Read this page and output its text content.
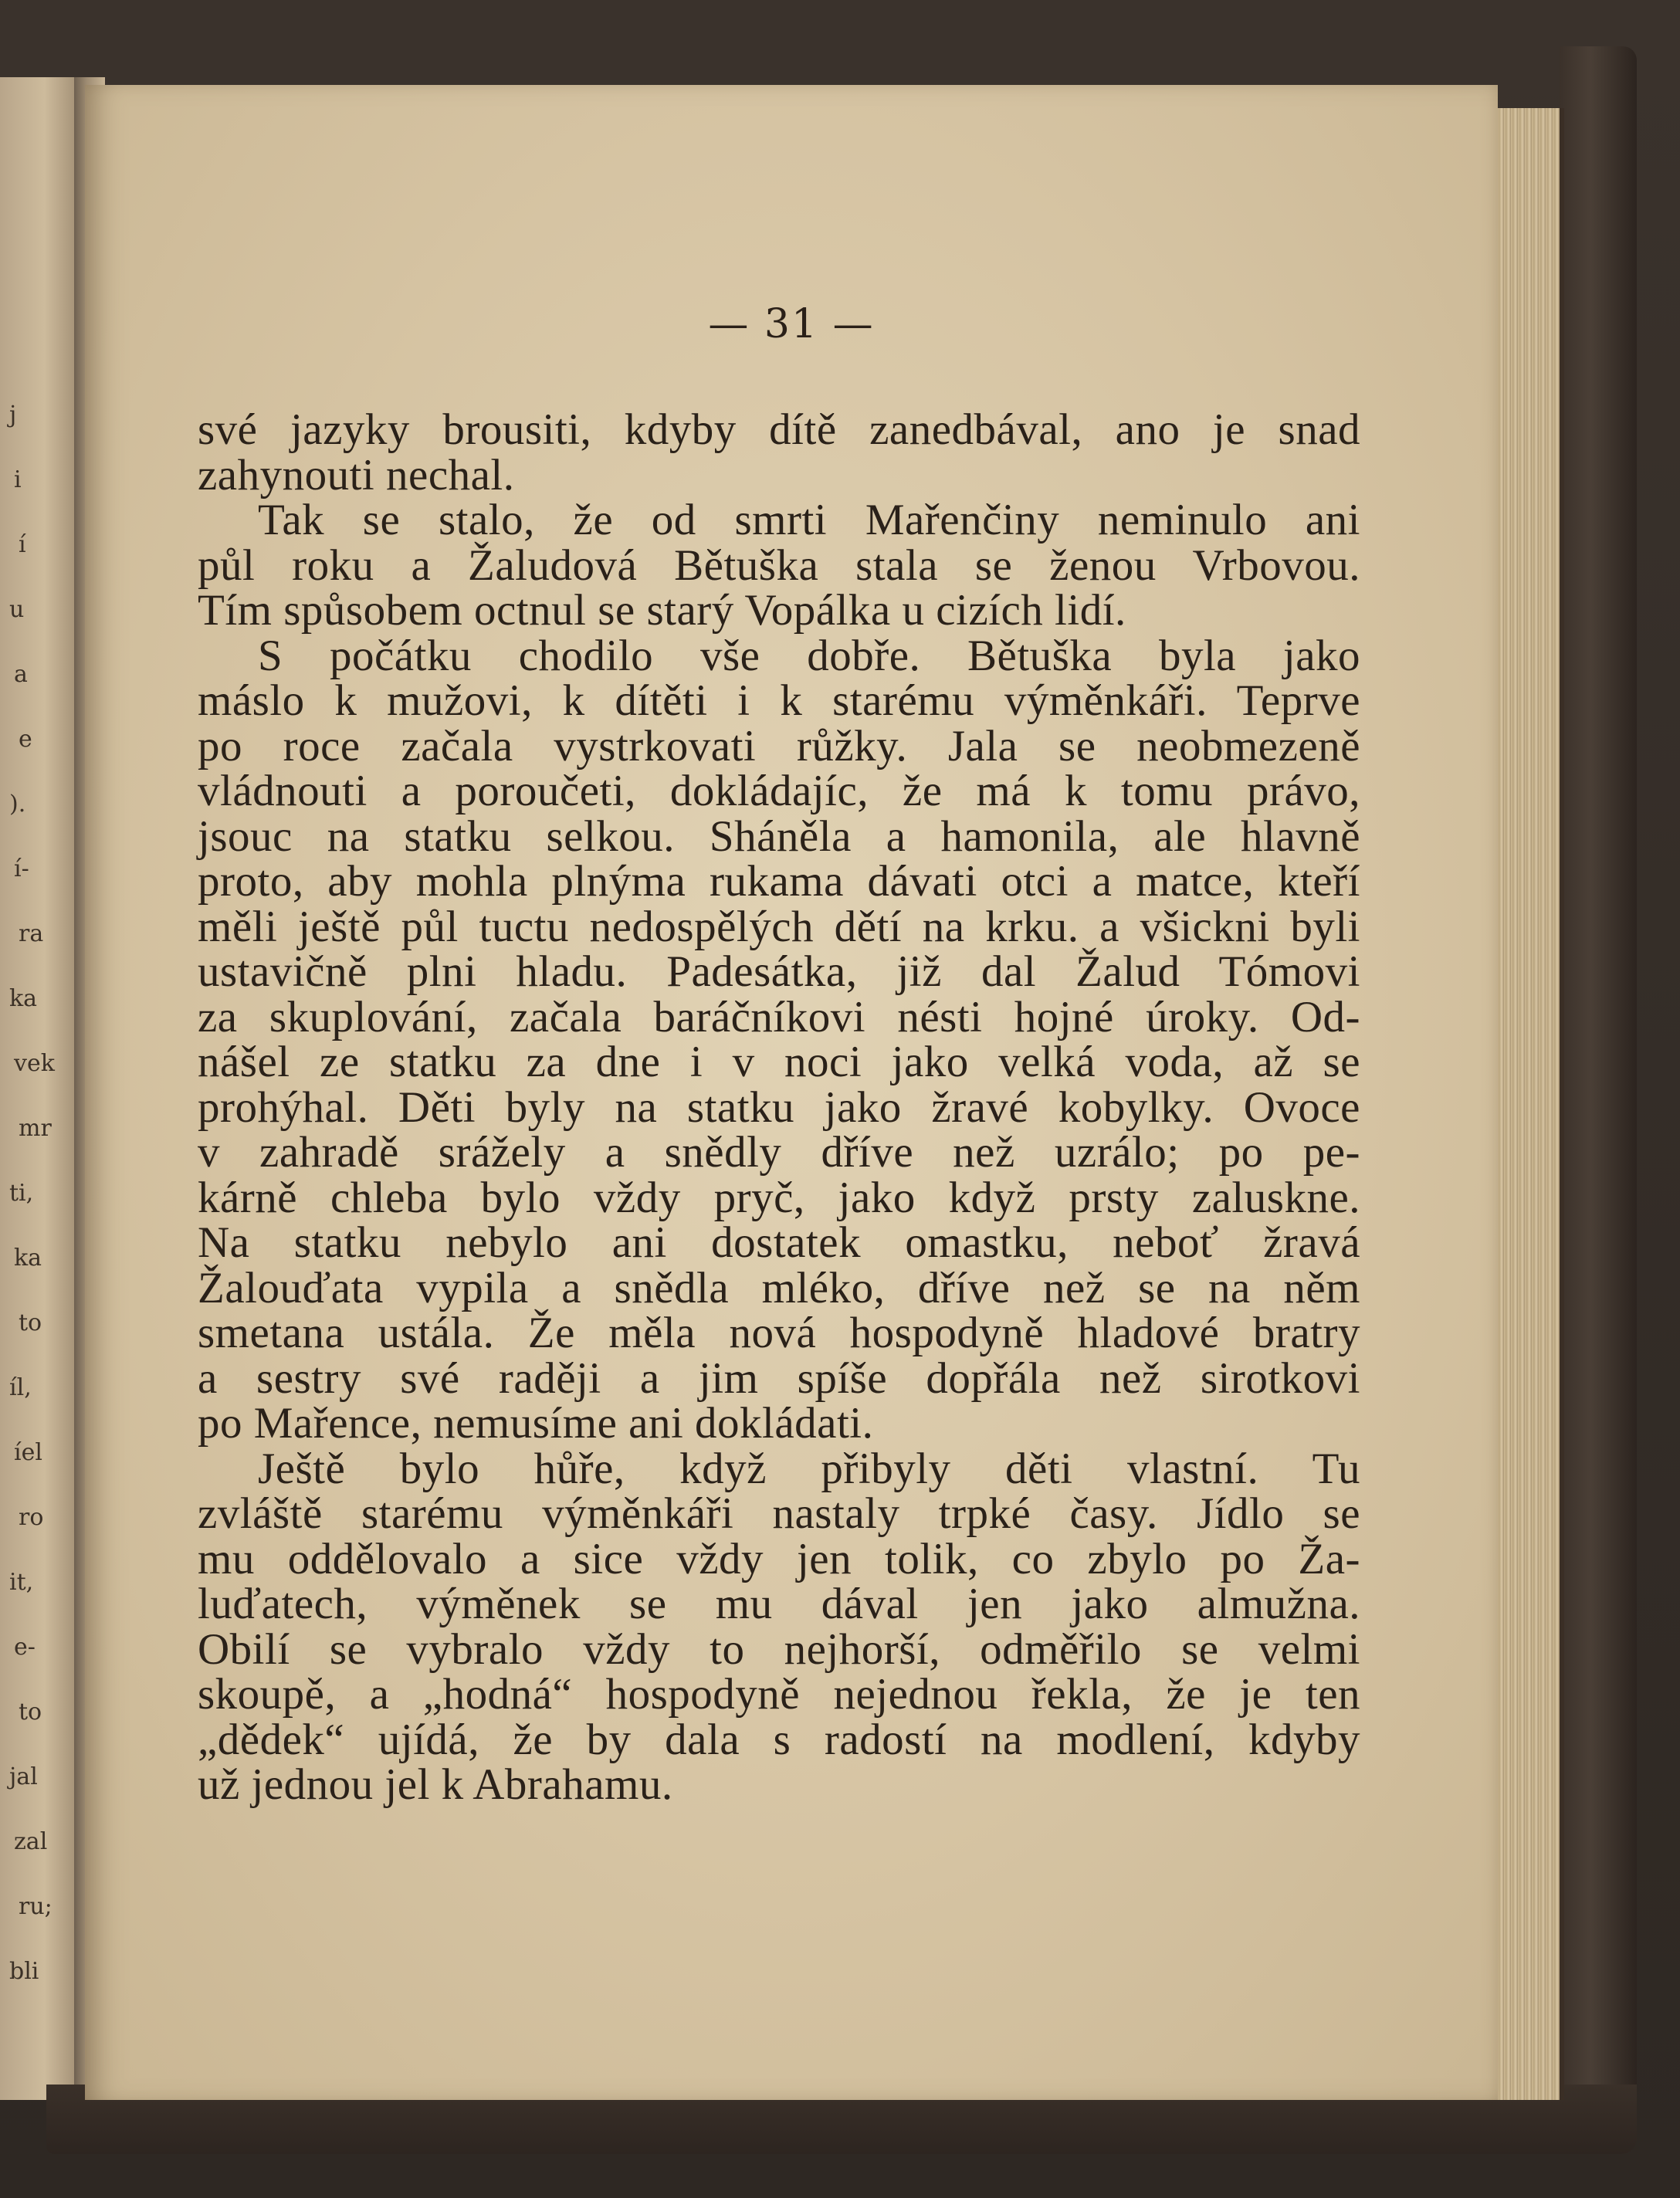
j
i
í
u
a
e
).
í-
ra
ka
vek
mr
ti,
ka
to
íl,
íel
ro
it,
e-
to
jal
zal
ru;
bli
— 31 —
své jazyky brousiti, kdyby dítě zanedbával, ano je snad
zahynouti nechal.
Tak se stalo, že od smrti Mařenčiny neminulo ani
půl roku a Žaludová Bětuška stala se ženou Vrbovou.
Tím spůsobem octnul se starý Vopálka u cizích lidí.
S počátku chodilo vše dobře. Bětuška byla jako
máslo k mužovi, k dítěti i k starému výměnkáři. Teprve
po roce začala vystrkovati růžky. Jala se neobmezeně
vládnouti a poroučeti, dokládajíc, že má k tomu právo,
jsouc na statku selkou. Sháněla a hamonila, ale hlavně
proto, aby mohla plnýma rukama dávati otci a matce, kteří
měli ještě půl tuctu nedospělých dětí na krku. a všickni byli
ustavičně plni hladu. Padesátka, již dal Žalud Tómovi
za skuplování, začala baráčníkovi nésti hojné úroky. Od-
nášel ze statku za dne i v noci jako velká voda, až se
prohýhal. Děti byly na statku jako žravé kobylky. Ovoce
v zahradě srážely a snědly dříve než uzrálo; po pe-
kárně chleba bylo vždy pryč, jako když prsty zaluskne.
Na statku nebylo ani dostatek omastku, neboť žravá
Žalouďata vypila a snědla mléko, dříve než se na něm
smetana ustála. Že měla nová hospodyně hladové bratry
a sestry své raději a jim spíše dopřála než sirotkovi
po Mařence, nemusíme ani dokládati.
Ještě bylo hůře, když přibyly děti vlastní. Tu
zvláště starému výměnkáři nastaly trpké časy. Jídlo se
mu oddělovalo a sice vždy jen tolik, co zbylo po Ža-
luďatech, výměnek se mu dával jen jako almužna.
Obilí se vybralo vždy to nejhorší, odměřilo se velmi
skoupě, a „hodná“ hospodyně nejednou řekla, že je ten
„dědek“ ujídá, že by dala s radostí na modlení, kdyby
už jednou jel k Abrahamu.
